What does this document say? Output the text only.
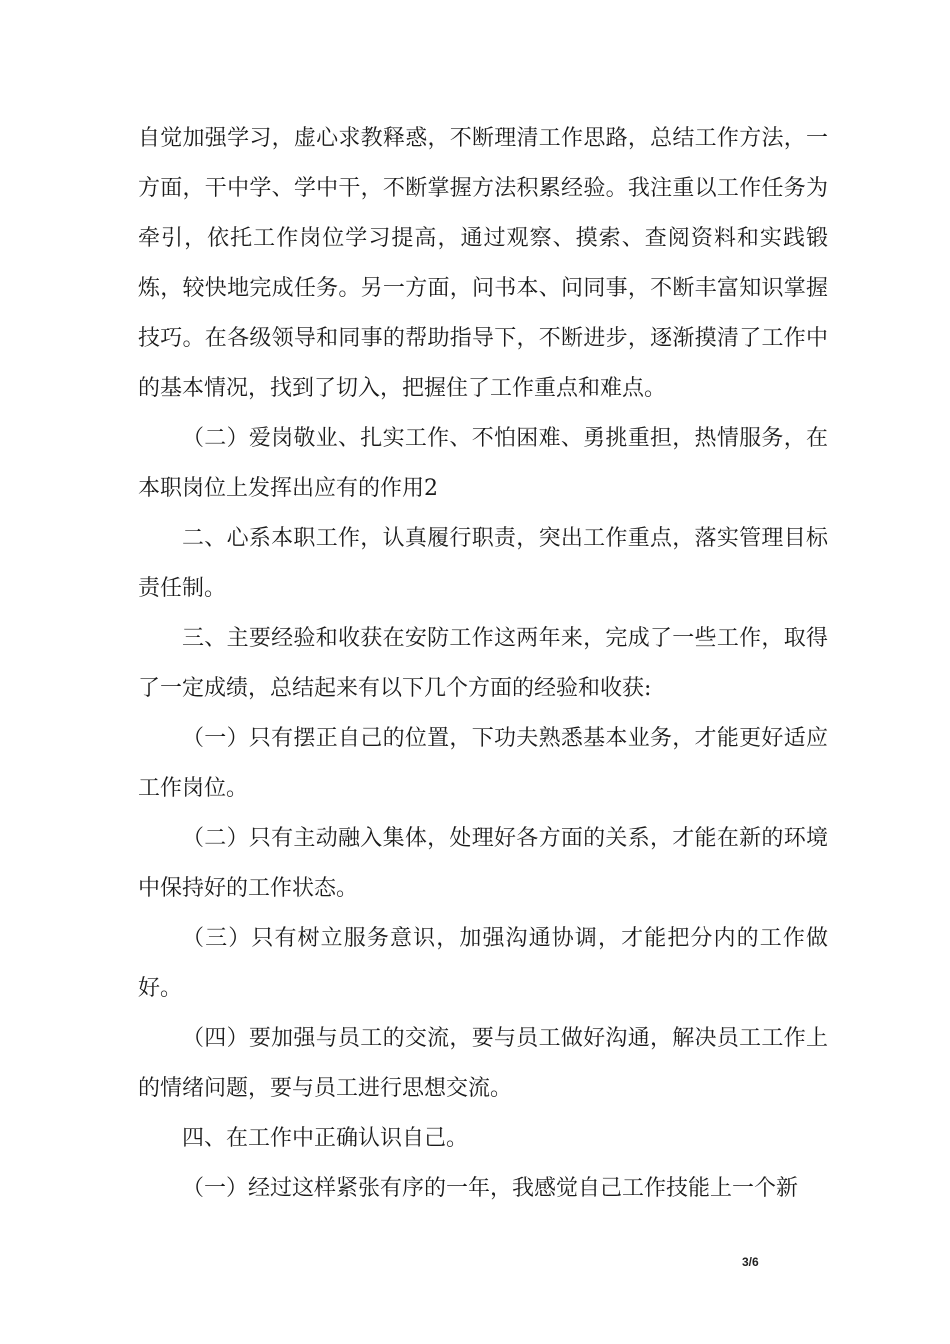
自觉加强学习，虚心求教释惑，不断理清工作思路，总结工作方法，一方面，干中学、学中干，不断掌握方法积累经验。我注重以工作任务为牵引，依托工作岗位学习提高，通过观察、摸索、查阅资料和实践锻炼，较快地完成任务。另一方面，问书本、问同事，不断丰富知识掌握技巧。在各级领导和同事的帮助指导下，不断进步，逐渐摸清了工作中的基本情况，找到了切入，把握住了工作重点和难点。

（二）爱岗敬业、扎实工作、不怕困难、勇挑重担，热情服务，在本职岗位上发挥出应有的作用2

二、心系本职工作，认真履行职责，突出工作重点，落实管理目标责任制。

三、主要经验和收获在安防工作这两年来，完成了一些工作，取得了一定成绩，总结起来有以下几个方面的经验和收获:

（一）只有摆正自己的位置，下功夫熟悉基本业务，才能更好适应工作岗位。

（二）只有主动融入集体，处理好各方面的关系，才能在新的环境中保持好的工作状态。

（三）只有树立服务意识，加强沟通协调，才能把分内的工作做好。

（四）要加强与员工的交流，要与员工做好沟通，解决员工工作上的情绪问题，要与员工进行思想交流。

四、在工作中正确认识自己。

（一）经过这样紧张有序的一年，我感觉自己工作技能上一个新

3/6
